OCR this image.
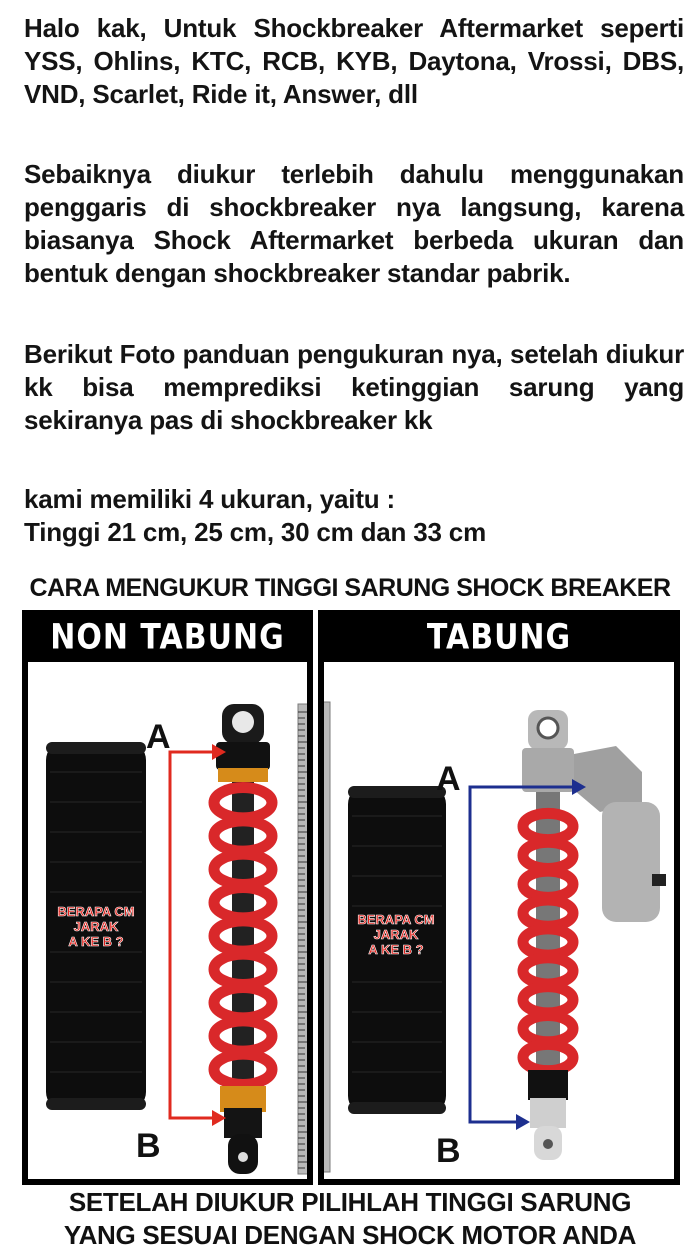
Halo kak, Untuk Shockbreaker Aftermarket seperti
YSS, Ohlins, KTC, RCB, KYB, Daytona, Vrossi, DBS,
VND, Scarlet, Ride it, Answer, dll
Sebaiknya diukur terlebih dahulu menggunakan
penggaris di shockbreaker nya langsung, karena
biasanya Shock Aftermarket berbeda ukuran dan
bentuk dengan shockbreaker standar pabrik.
Berikut Foto panduan pengukuran nya, setelah diukur
kk bisa memprediksi ketinggian sarung yang
sekiranya pas di shockbreaker kk
kami memiliki 4 ukuran, yaitu :
Tinggi 21 cm, 25 cm, 30 cm dan 33 cm
CARA MENGUKUR TINGGI SARUNG SHOCK BREAKER
NON TABUNG
BERAPA CM
JARAK
A KE B ?
A
B
TABUNG
BERAPA CM
JARAK
A KE B ?
A
B
SETELAH DIUKUR PILIHLAH TINGGI SARUNG
YANG SESUAI DENGAN SHOCK MOTOR ANDA
